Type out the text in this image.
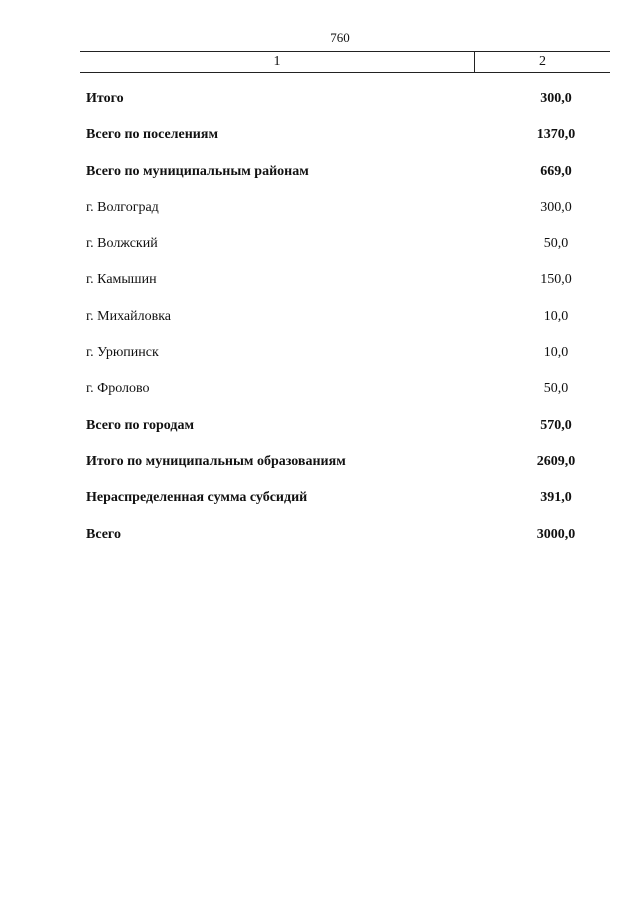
760
1	2
Итого	300,0
Всего по поселениям	1370,0
Всего по муниципальным районам	669,0
г. Волгоград	300,0
г. Волжский	50,0
г. Камышин	150,0
г. Михайловка	10,0
г. Урюпинск	10,0
г. Фролово	50,0
Всего по городам	570,0
Итого по муниципальным образованиям	2609,0
Нераспределенная сумма субсидий	391,0
Всего	3000,0
